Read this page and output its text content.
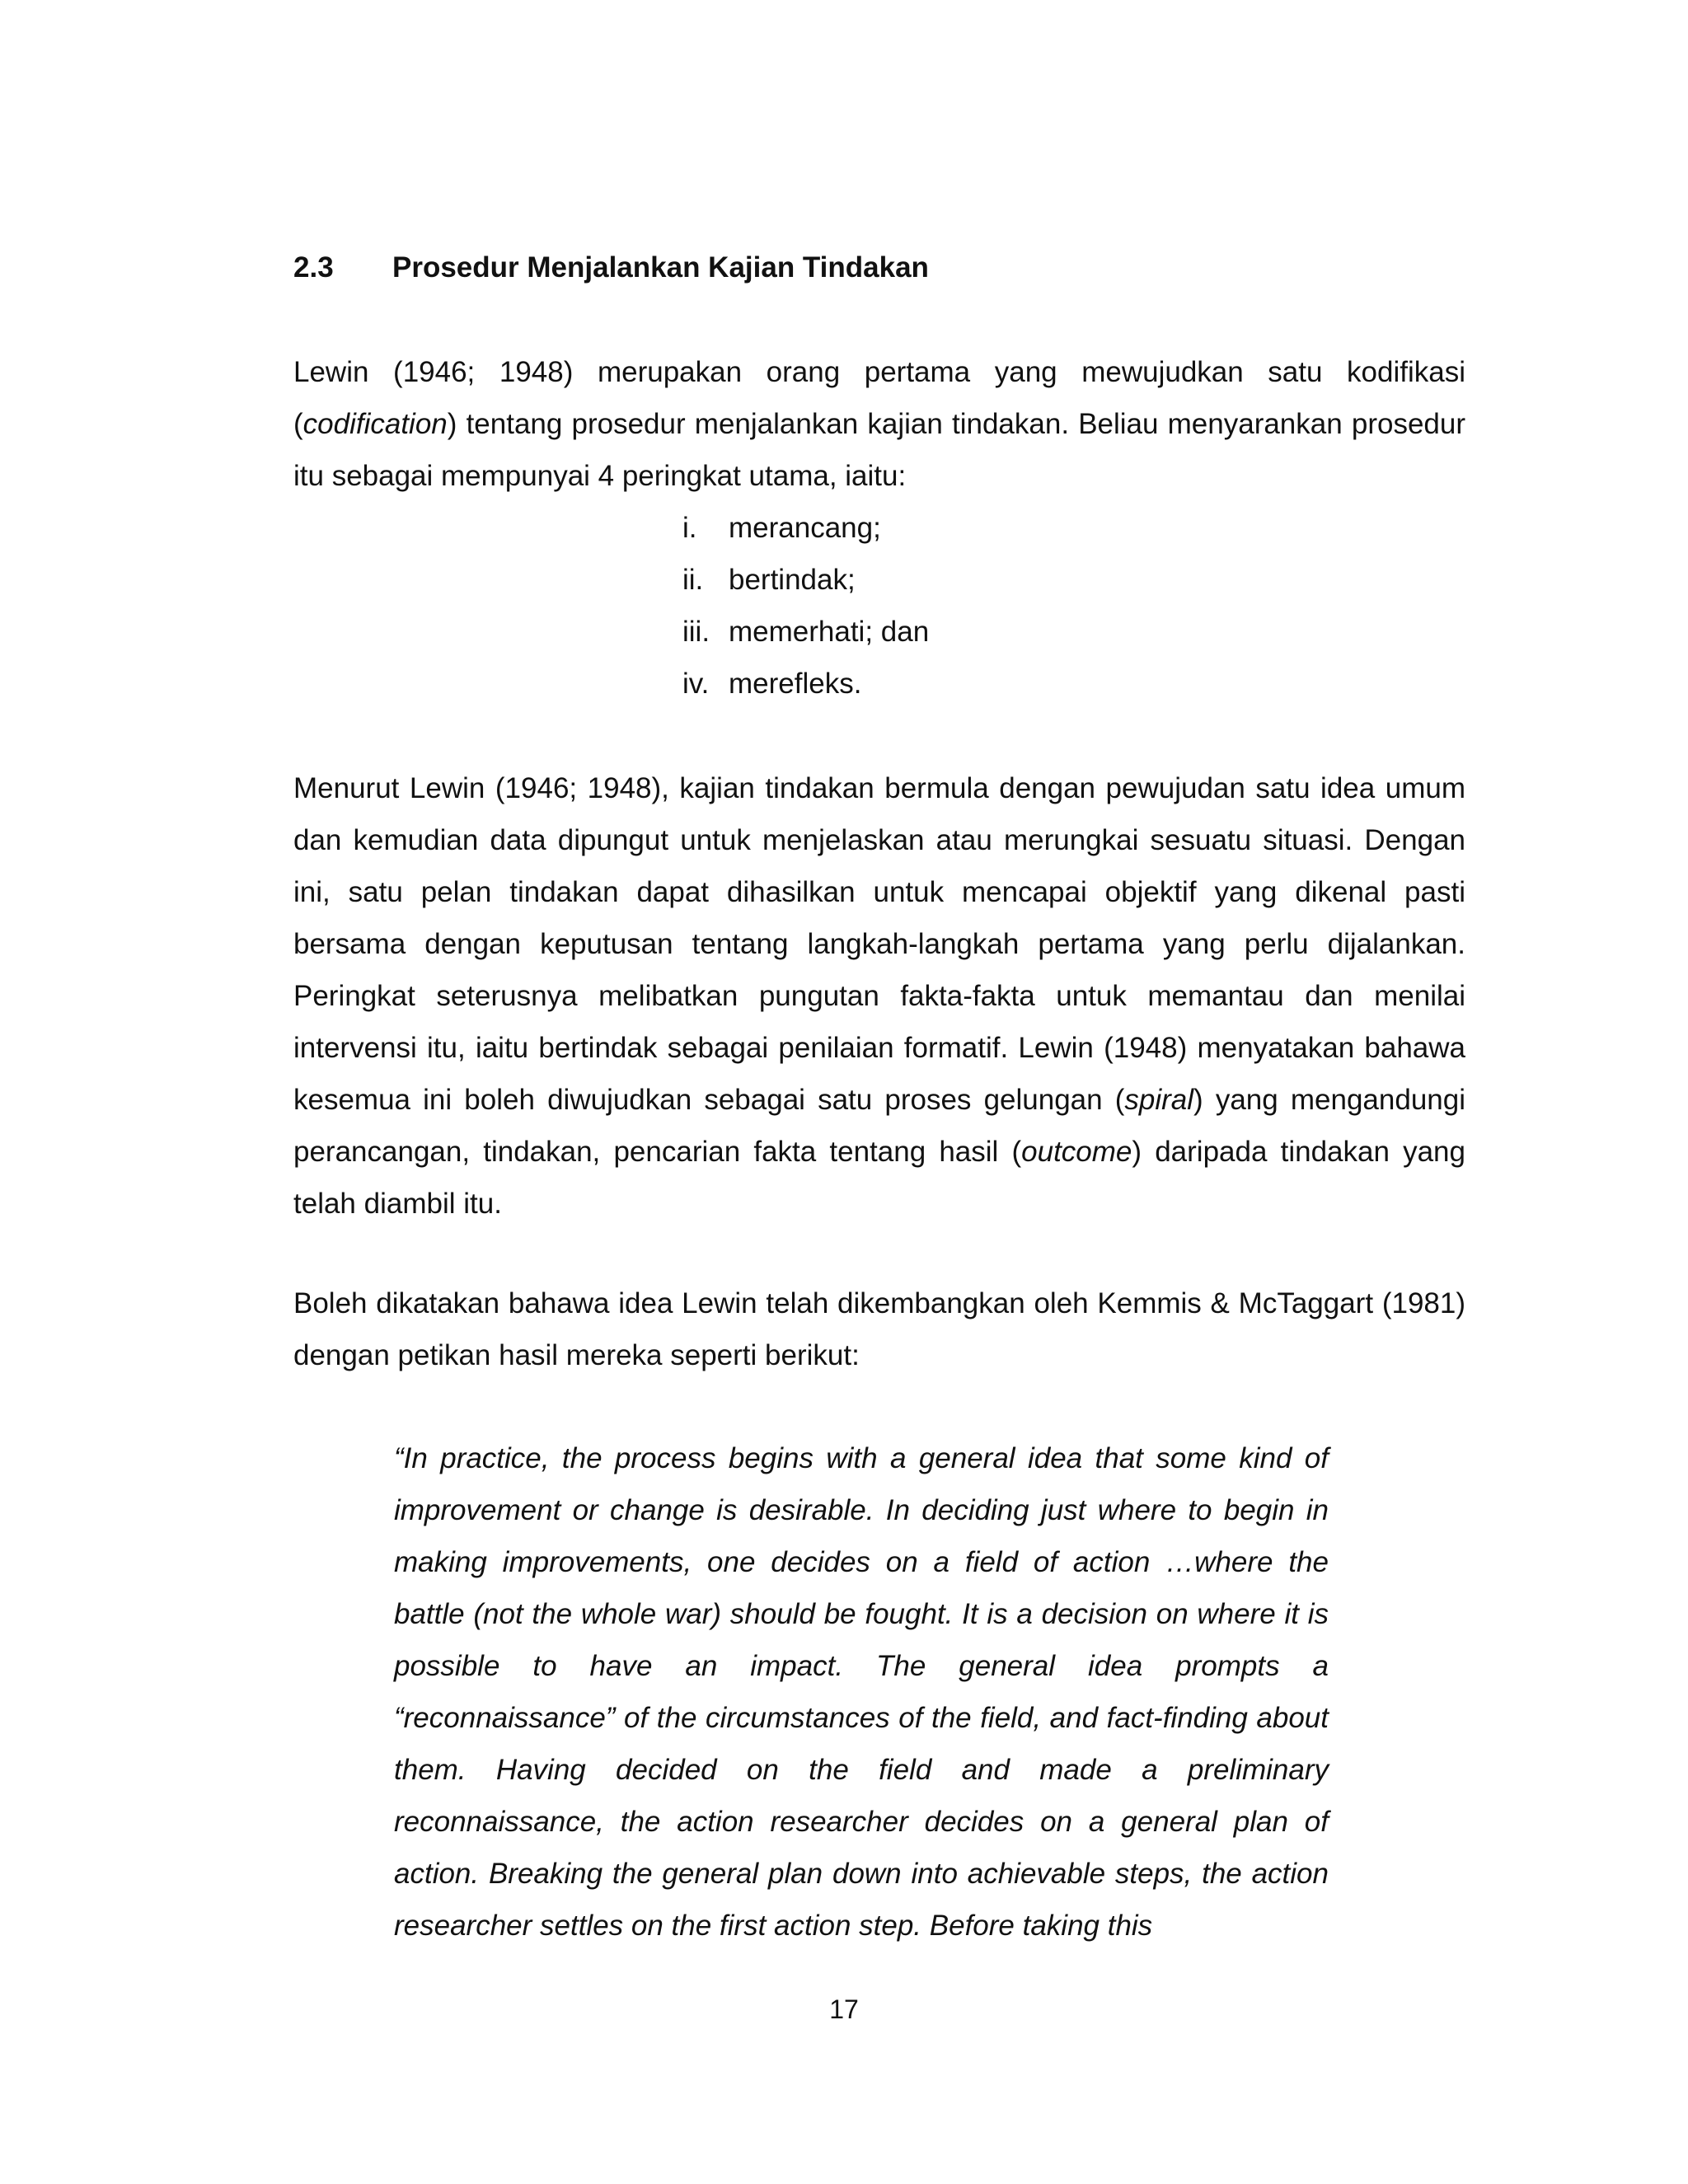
2.3 Prosedur Menjalankan Kajian Tindakan

Lewin (1946; 1948) merupakan orang pertama yang mewujudkan satu kodifikasi (codification) tentang prosedur menjalankan kajian tindakan. Beliau menyarankan prosedur itu sebagai mempunyai 4 peringkat utama, iaitu:

i. merancang;
ii. bertindak;
iii. memerhati; dan
iv. merefleks.

Menurut Lewin (1946; 1948), kajian tindakan bermula dengan pewujudan satu idea umum dan kemudian data dipungut untuk menjelaskan atau merungkai sesuatu situasi. Dengan ini, satu pelan tindakan dapat dihasilkan untuk mencapai objektif yang dikenal pasti bersama dengan keputusan tentang langkah-langkah pertama yang perlu dijalankan. Peringkat seterusnya melibatkan pungutan fakta-fakta untuk memantau dan menilai intervensi itu, iaitu bertindak sebagai penilaian formatif. Lewin (1948) menyatakan bahawa kesemua ini boleh diwujudkan sebagai satu proses gelungan (spiral) yang mengandungi perancangan, tindakan, pencarian fakta tentang hasil (outcome) daripada tindakan yang telah diambil itu.

Boleh dikatakan bahawa idea Lewin telah dikembangkan oleh Kemmis & McTaggart (1981) dengan petikan hasil mereka seperti berikut:

“In practice, the process begins with a general idea that some kind of improvement or change is desirable. In deciding just where to begin in making improvements, one decides on a field of action …where the battle (not the whole war) should be fought. It is a decision on where it is possible to have an impact. The general idea prompts a “reconnaissance” of the circumstances of the field, and fact-finding about them. Having decided on the field and made a preliminary reconnaissance, the action researcher decides on a general plan of action. Breaking the general plan down into achievable steps, the action researcher settles on the first action step. Before taking this
17
